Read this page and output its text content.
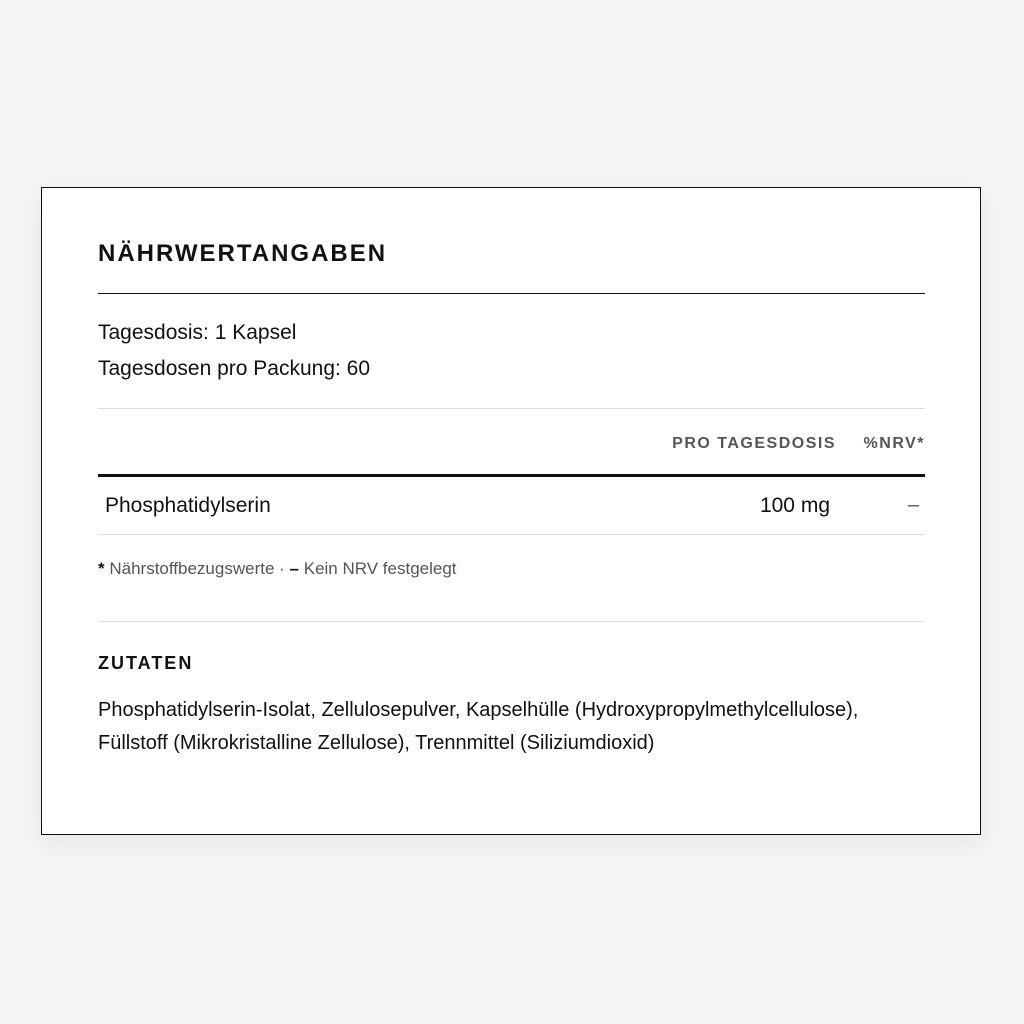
NÄHRWERTANGABEN
Tagesdosis: 1 Kapsel
Tagesdosen pro Packung: 60
PRO TAGESDOSIS %NRV*
Phosphatidylserin	100 mg	–
* Nährstoffbezugswerte · – Kein NRV festgelegt
ZUTATEN
Phosphatidylserin-Isolat, Zellulosepulver, Kapselhülle (Hydroxypropylmethylcellulose), Füllstoff (Mikrokristalline Zellulose), Trennmittel (Siliziumdioxid)
